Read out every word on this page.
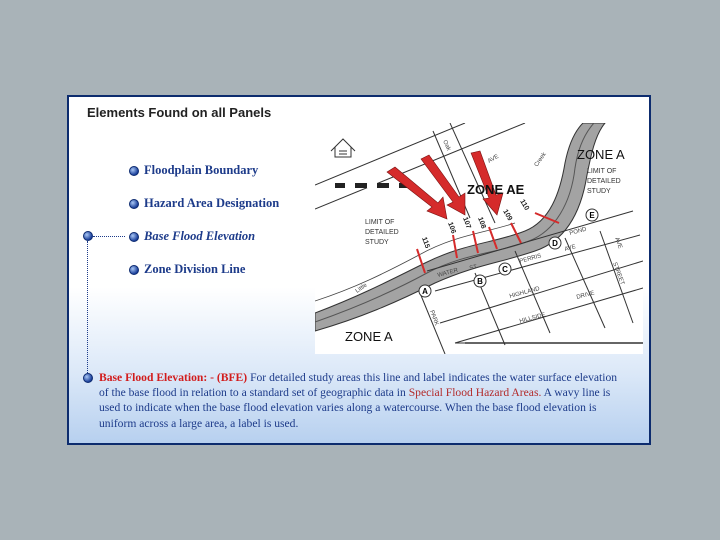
Elements Found on all Panels
Floodplain Boundary
Hazard Area Designation
Base Flood Elevation
Zone Division Line
A
B
C
D
E
ZONE A
ZONE AE
ZONE A
LIMIT OF
DETAILED
STUDY
LIMIT OF
DETAILED
STUDY	115
106 107 108
109
110
Oak
AVE
WATER ST
PERRIS
AVE
HIGHLAND
HILLSIDE
DRIVE
PARK
POND
AVE
STREET
Creek
Little
Base Flood Elevation: - (BFE) For detailed study areas this line and label indicates the water surface elevation of the base flood in relation to a standard set of geographic data in Special Flood Hazard Areas. A wavy line is used to indicate when the base flood elevation varies along a watercourse. When the base flood elevation is uniform across a large area, a label is used.
